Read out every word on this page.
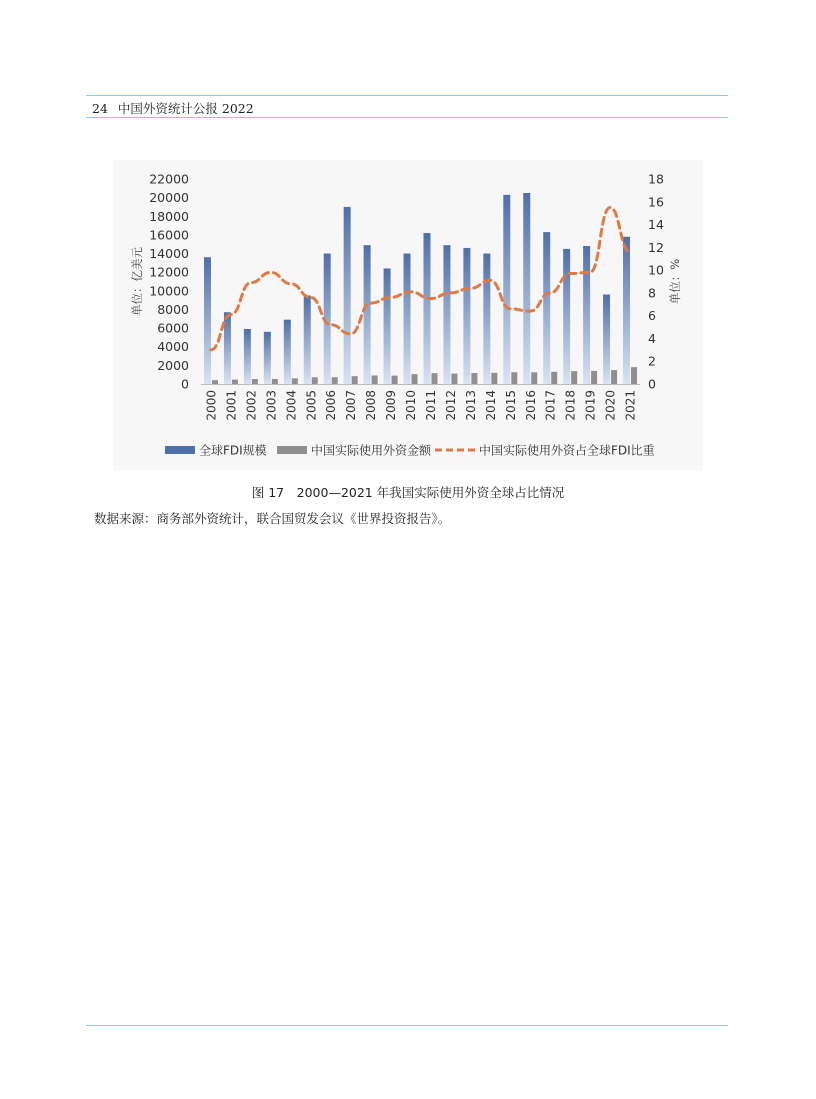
24 中国外资统计公报 2022
0
2000
4000
6000
8000
10000
12000
14000
16000
18000
20000
22000
0
2
4
6
8
10
12
14
16
18
单位：亿美元	单位：%
2000 2001 2002 2003 2004 2005 2006 2007 2008 2009 2010 2011 2012 2013 2014 2015 2016 2017 2018 2019 2020 2021
全球FDI规模	中国实际使用外资金额	中国实际使用外资占全球FDI比重
图 17　2000—2021 年我国实际使用外资全球占比情况
数据来源：商务部外资统计，联合国贸发会议《世界投资报告》。
